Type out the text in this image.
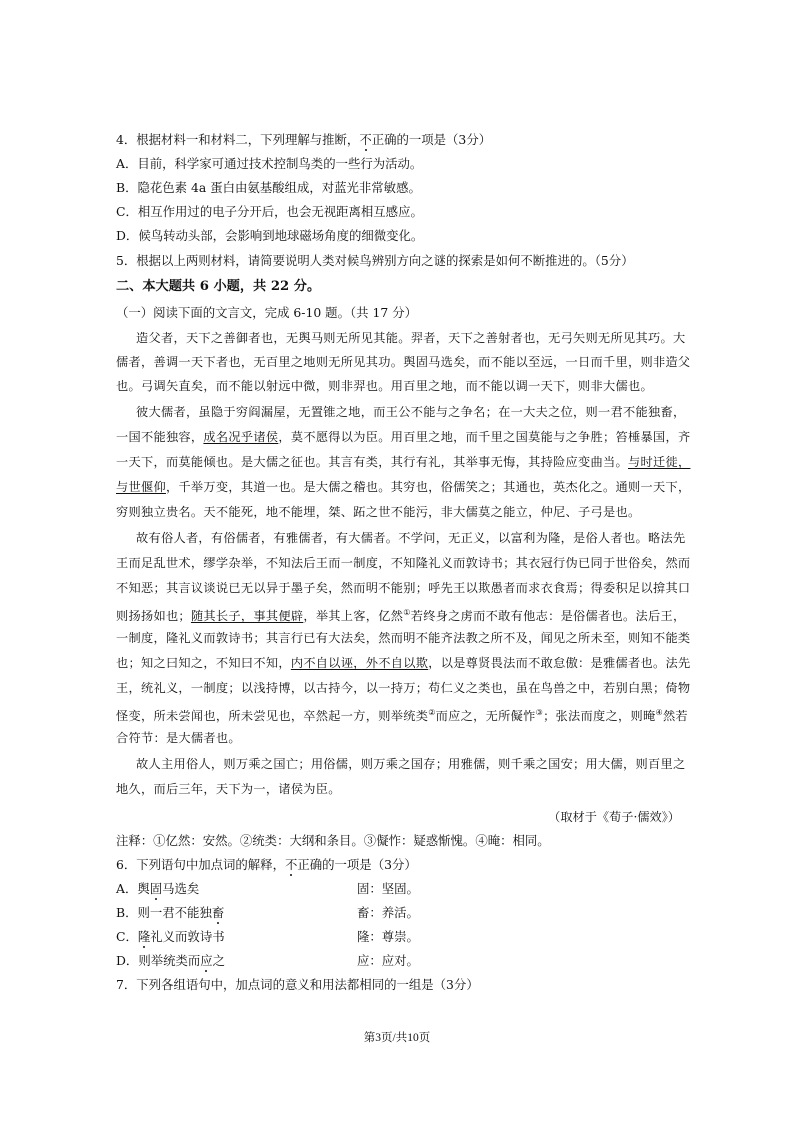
4．根据材料一和材料二，下列理解与推断，不正确的一项是（3分）
A．目前，科学家可通过技术控制鸟类的一些行为活动。
B．隐花色素 4a 蛋白由氨基酸组成，对蓝光非常敏感。
C．相互作用过的电子分开后，也会无视距离相互感应。
D．候鸟转动头部，会影响到地球磁场角度的细微变化。
5．根据以上两则材料，请简要说明人类对候鸟辨别方向之谜的探索是如何不断推进的。（5分）
二、本大题共 6 小题，共 22 分。
（一）阅读下面的文言文，完成 6-10 题。（共 17 分）
造父者，天下之善御者也，无舆马则无所见其能。羿者，天下之善射者也，无弓矢则无所见其巧。大
儒者，善调一天下者也，无百里之地则无所见其功。舆固马选矣，而不能以至远，一日而千里，则非造父
也。弓调矢直矣，而不能以射远中微，则非羿也。用百里之地，而不能以调一天下，则非大儒也。
彼大儒者，虽隐于穷阎漏屋，无置锥之地，而王公不能与之争名；在一大夫之位，则一君不能独畜，
一国不能独容，成名况乎诸侯，莫不愿得以为臣。用百里之地，而千里之国莫能与之争胜；笞棰暴国，齐
一天下，而莫能倾也。是大儒之征也。其言有类，其行有礼，其举事无悔，其持险应变曲当。与时迁徙，
与世偃仰，千举万变，其道一也。是大儒之稽也。其穷也，俗儒笑之；其通也，英杰化之。通则一天下，
穷则独立贵名。天不能死，地不能埋，桀、跖之世不能污，非大儒莫之能立，仲尼、子弓是也。
故有俗人者，有俗儒者，有雅儒者，有大儒者。不学问，无正义，以富利为隆，是俗人者也。略法先
王而足乱世术，缪学杂举，不知法后王而一制度，不知隆礼义而敦诗书；其衣冠行伪已同于世俗矣，然而
不知恶；其言议谈说已无以异于墨子矣，然而明不能别；呼先王以欺愚者而求衣食焉；得委积足以揜其口
则扬扬如也；随其长子，事其便辟，举其上客，亿然①若终身之虏而不敢有他志：是俗儒者也。法后王，
一制度，隆礼义而敦诗书；其言行已有大法矣，然而明不能齐法教之所不及，闻见之所未至，则知不能类
也；知之曰知之，不知曰不知，内不自以诬，外不自以欺，以是尊贤畏法而不敢怠傲：是雅儒者也。法先
王，统礼义，一制度；以浅持博，以古持今，以一持万；苟仁义之类也，虽在鸟兽之中，若别白黑；倚物
怪变，所未尝闻也，所未尝见也，卒然起一方，则举统类②而应之，无所儗怍③；张法而度之，则晻④然若
合符节：是大儒者也。
故人主用俗人，则万乘之国亡；用俗儒，则万乘之国存；用雅儒，则千乘之国安；用大儒，则百里之
地久，而后三年，天下为一，诸侯为臣。
（取材于《荀子·儒效》）
注释：①亿然：安然。②统类：大纲和条目。③儗怍：疑惑惭愧。④晻：相同。
6．下列语句中加点词的解释，不正确的一项是（3分）
A．舆固马选矣	固：坚固。
B．则一君不能独畜	畜：养活。
C．隆礼义而敦诗书	隆：尊崇。
D．则举统类而应之	应：应对。
7．下列各组语句中，加点词的意义和用法都相同的一组是（3分）
第3页/共10页
